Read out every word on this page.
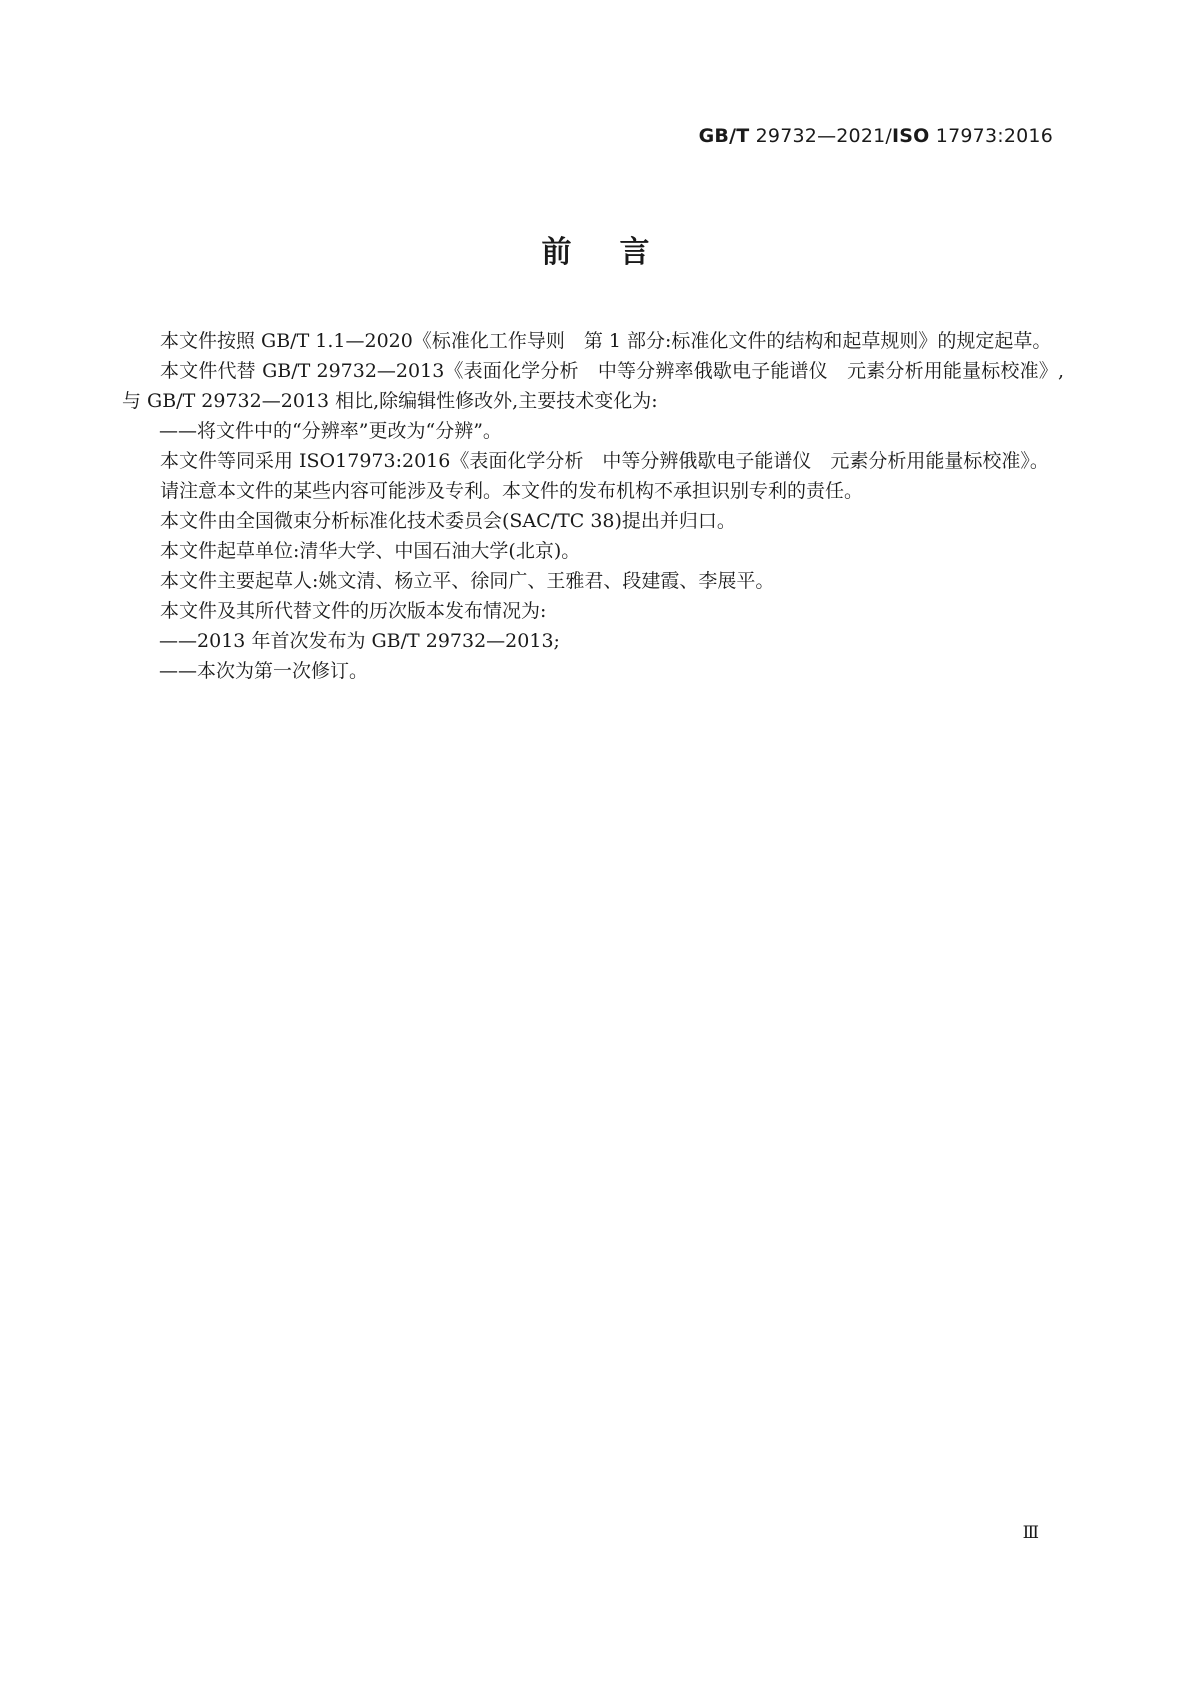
GB/T 29732—2021/ISO 17973:2016
前言

本文件按照 GB/T 1.1—2020《标准化工作导则　第 1 部分:标准化文件的结构和起草规则》的规定起草。

本文件代替 GB/T 29732—2013《表面化学分析　中等分辨率俄歇电子能谱仪　元素分析用能量标校准》,与 GB/T 29732—2013 相比,除编辑性修改外,主要技术变化为:

——将文件中的“分辨率”更改为“分辨”。

本文件等同采用 ISO17973:2016《表面化学分析　中等分辨俄歇电子能谱仪　元素分析用能量标校准》。

请注意本文件的某些内容可能涉及专利。本文件的发布机构不承担识别专利的责任。

本文件由全国微束分析标准化技术委员会(SAC/TC 38)提出并归口。

本文件起草单位:清华大学、中国石油大学(北京)。

本文件主要起草人:姚文清、杨立平、徐同广、王雅君、段建霞、李展平。

本文件及其所代替文件的历次版本发布情况为:

——2013 年首次发布为 GB/T 29732—2013;

——本次为第一次修订。

Ⅲ
